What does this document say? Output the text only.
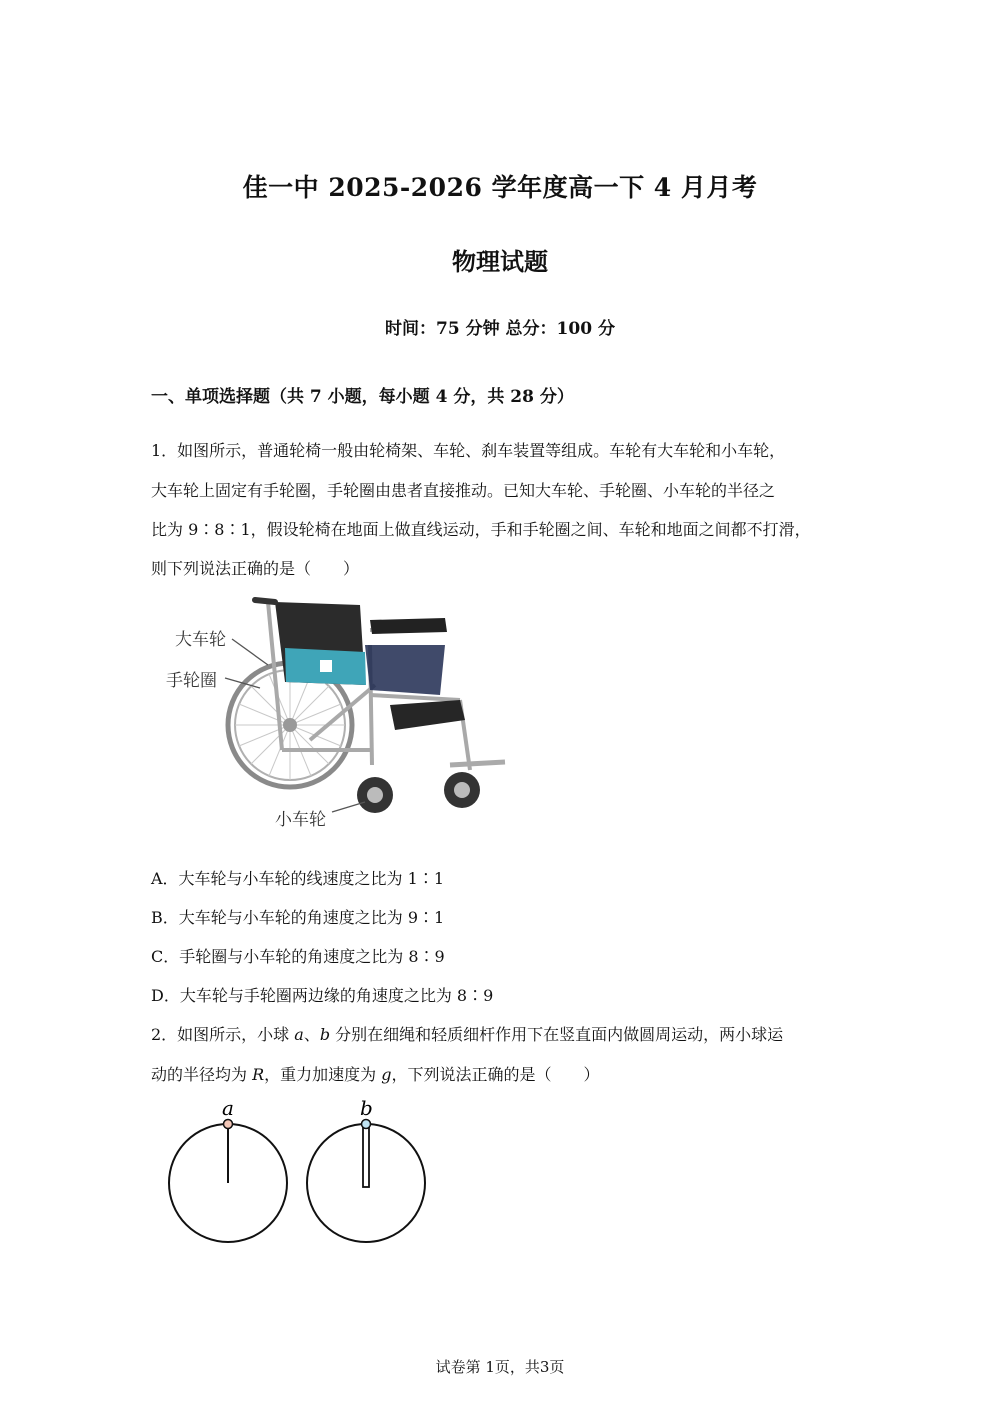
佳一中 2025-2026 学年度高一下 4 月月考
物理试题
时间：75 分钟 总分：100 分
一、单项选择题（共 7 小题，每小题 4 分，共 28 分）
1．如图所示，普通轮椅一般由轮椅架、车轮、刹车装置等组成。车轮有大车轮和小车轮，
大车轮上固定有手轮圈，手轮圈由患者直接推动。已知大车轮、手轮圈、小车轮的半径之
比为 9∶8∶1，假设轮椅在地面上做直线运动，手和手轮圈之间、车轮和地面之间都不打滑，
则下列说法正确的是（　　）
大车轮
手轮圈
小车轮
A．大车轮与小车轮的线速度之比为 1∶1
B．大车轮与小车轮的角速度之比为 9∶1
C．手轮圈与小车轮的角速度之比为 8∶9
D．大车轮与手轮圈两边缘的角速度之比为 8∶9
2．如图所示，小球 a、b 分别在细绳和轻质细杆作用下在竖直面内做圆周运动，两小球运
动的半径均为 R，重力加速度为 g，下列说法正确的是（　　）
a	b
试卷第 1页，共3页
